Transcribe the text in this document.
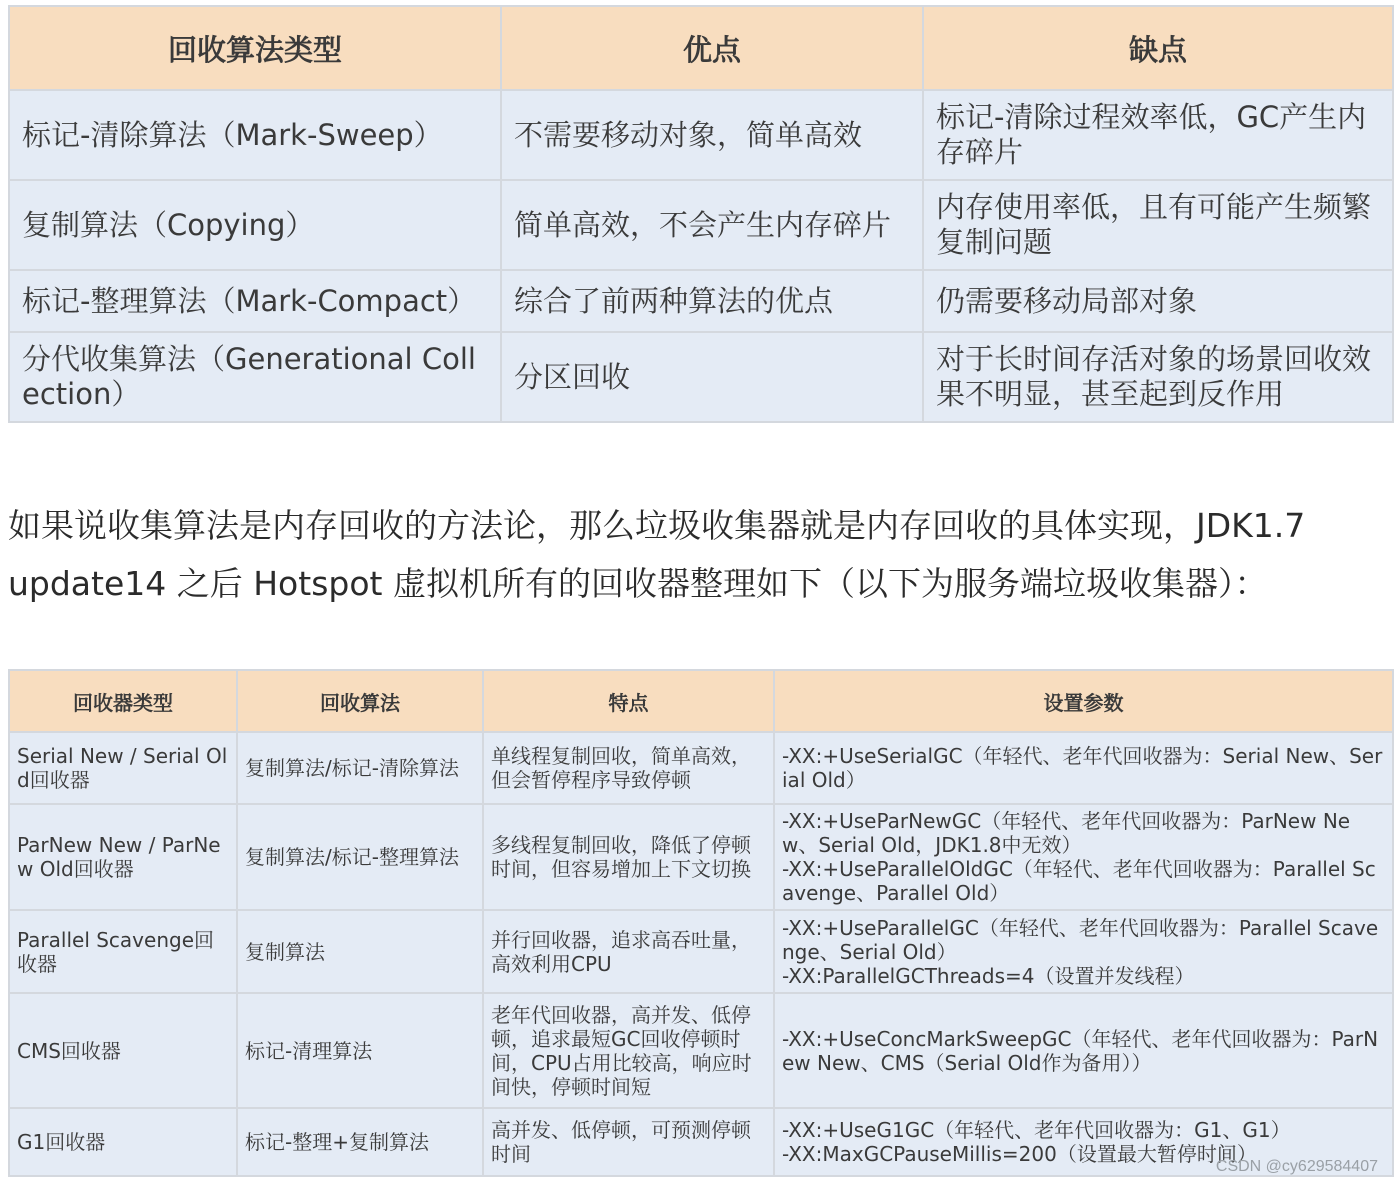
回收算法类型	优点	缺点
标记-清除算法（Mark-Sweep）	不需要移动对象，简单高效	标记-清除过程效率低，GC产生内存碎片
复制算法（Copying）	简单高效，不会产生内存碎片	内存使用率低，且有可能产生频繁复制问题
标记-整理算法（Mark-Compact）	综合了前两种算法的优点	仍需要移动局部对象
分代收集算法（Generational Collection）	分区回收	对于长时间存活对象的场景回收效果不明显，甚至起到反作用

如果说收集算法是内存回收的方法论，那么垃圾收集器就是内存回收的具体实现，JDK1.7 update14 之后 Hotspot 虚拟机所有的回收器整理如下（以下为服务端垃圾收集器）：

回收器类型	回收算法	特点	设置参数
Serial New / Serial Old回收器	复制算法/标记-清除算法	单线程复制回收，简单高效，但会暂停程序导致停顿	-XX:+UseSerialGC（年轻代、老年代回收器为：Serial New、Serial Old）

ParNew New / ParNew Old回收器	复制算法/标记-整理算法	多线程复制回收，降低了停顿时间，但容易增加上下文切换	-XX:+UseParNewGC（年轻代、老年代回收器为：ParNew New、Serial Old，JDK1.8中无效）
-XX:+UseParallelOldGC（年轻代、老年代回收器为：Parallel Scavenge、Parallel Old）

Parallel Scavenge回收器	复制算法	并行回收器，追求高吞吐量，高效利用CPU	-XX:+UseParallelGC（年轻代、老年代回收器为：Parallel Scavenge、Serial Old）
-XX:ParallelGCThreads=4（设置并发线程）

CMS回收器	标记-清理算法	老年代回收器，高并发、低停顿，追求最短GC回收停顿时间，CPU占用比较高，响应时间快，停顿时间短	-XX:+UseConcMarkSweepGC（年轻代、老年代回收器为：ParNew New、CMS（Serial Old作为备用））

G1回收器	标记-整理+复制算法	高并发、低停顿，可预测停顿时间	-XX:+UseG1GC（年轻代、老年代回收器为：G1、G1）
-XX:MaxGCPauseMillis=200（设置最大暂停时间）
CSDN @cy629584407
